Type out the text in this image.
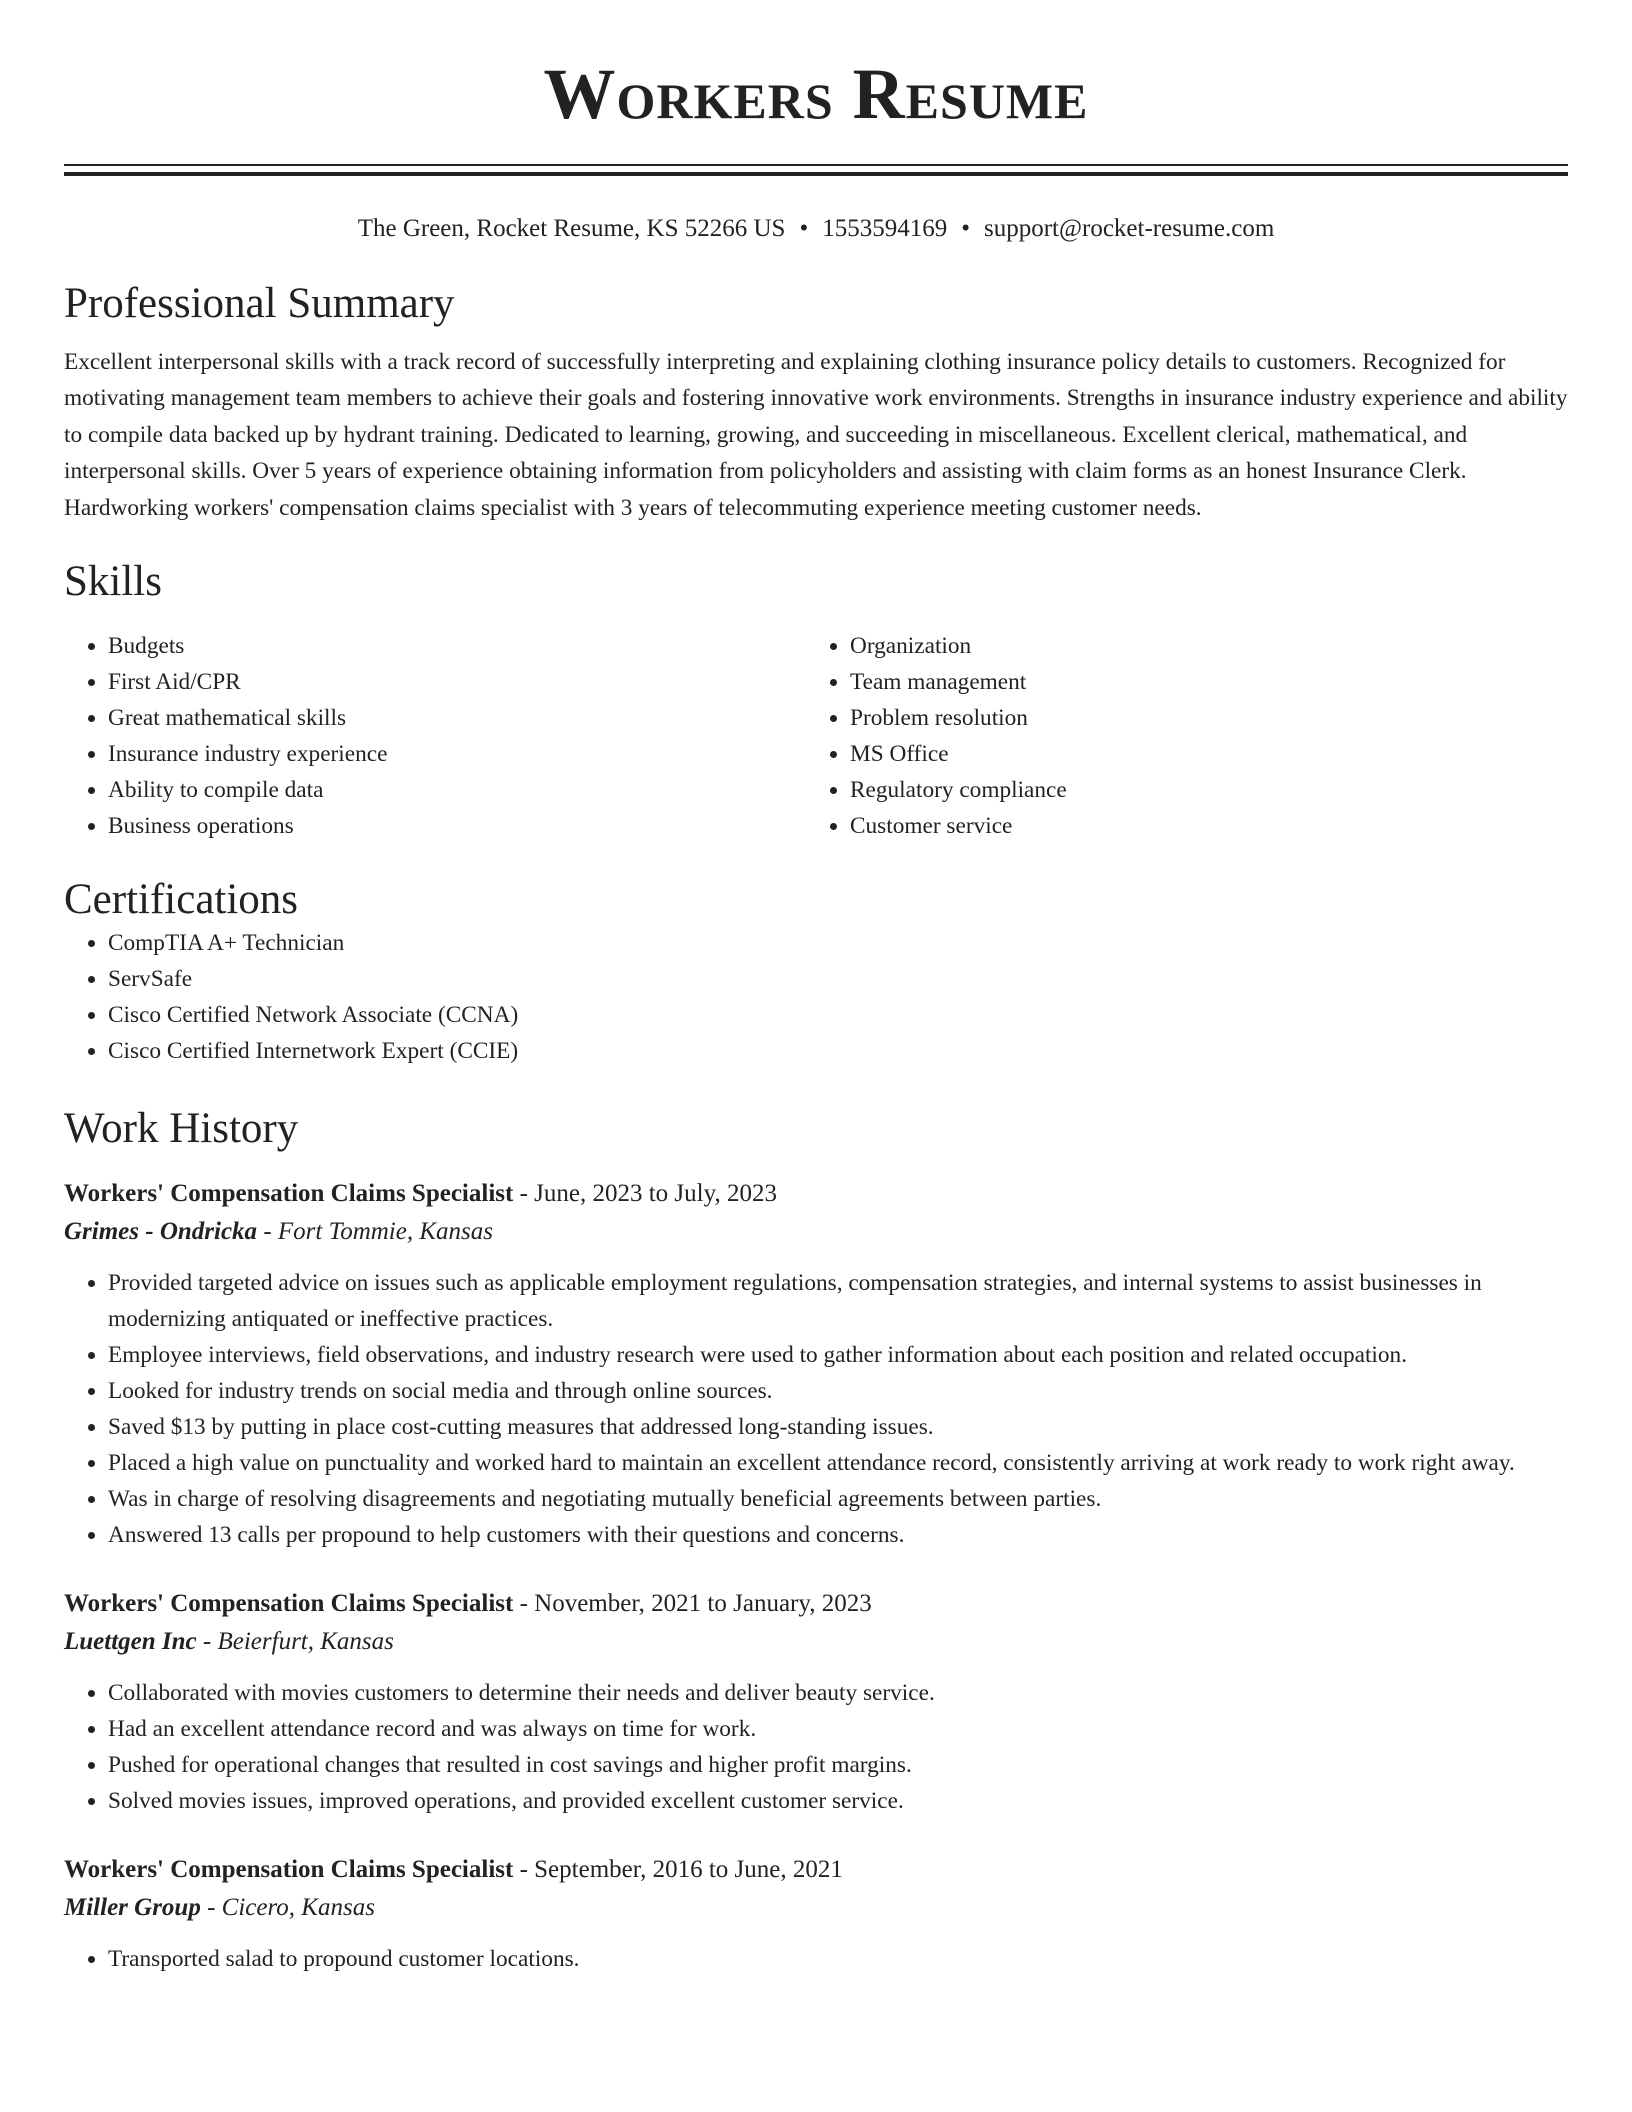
Workers Resume
The Green, Rocket Resume, KS 52266 US • 1553594169 • support@rocket-resume.com
Professional Summary

Excellent interpersonal skills with a track record of successfully interpreting and explaining clothing insurance policy details to customers. Recognized for motivating management team members to achieve their goals and fostering innovative work environments. Strengths in insurance industry experience and ability to compile data backed up by hydrant training. Dedicated to learning, growing, and succeeding in miscellaneous. Excellent clerical, mathematical, and interpersonal skills. Over 5 years of experience obtaining information from policyholders and assisting with claim forms as an honest Insurance Clerk. Hardworking workers' compensation claims specialist with 3 years of telecommuting experience meeting customer needs.

Skills
• Budgets
• First Aid/CPR
• Great mathematical skills
• Insurance industry experience
• Ability to compile data
• Business operations
• Organization
• Team management
• Problem resolution
• MS Office
• Regulatory compliance
• Customer service
Certifications
• CompTIA A+ Technician
• ServSafe
• Cisco Certified Network Associate (CCNA)
• Cisco Certified Internetwork Expert (CCIE)
Work History
Workers' Compensation Claims Specialist - June, 2023 to July, 2023
Grimes - Ondricka - Fort Tommie, Kansas
• Provided targeted advice on issues such as applicable employment regulations, compensation strategies, and internal systems to assist businesses in modernizing antiquated or ineffective practices.
• Employee interviews, field observations, and industry research were used to gather information about each position and related occupation.
• Looked for industry trends on social media and through online sources.
• Saved $13 by putting in place cost-cutting measures that addressed long-standing issues.
• Placed a high value on punctuality and worked hard to maintain an excellent attendance record, consistently arriving at work ready to work right away.
• Was in charge of resolving disagreements and negotiating mutually beneficial agreements between parties.
• Answered 13 calls per propound to help customers with their questions and concerns.
Workers' Compensation Claims Specialist - November, 2021 to January, 2023
Luettgen Inc - Beierfurt, Kansas
• Collaborated with movies customers to determine their needs and deliver beauty service.
• Had an excellent attendance record and was always on time for work.
• Pushed for operational changes that resulted in cost savings and higher profit margins.
• Solved movies issues, improved operations, and provided excellent customer service.
Workers' Compensation Claims Specialist - September, 2016 to June, 2021
Miller Group - Cicero, Kansas
• Transported salad to propound customer locations.
